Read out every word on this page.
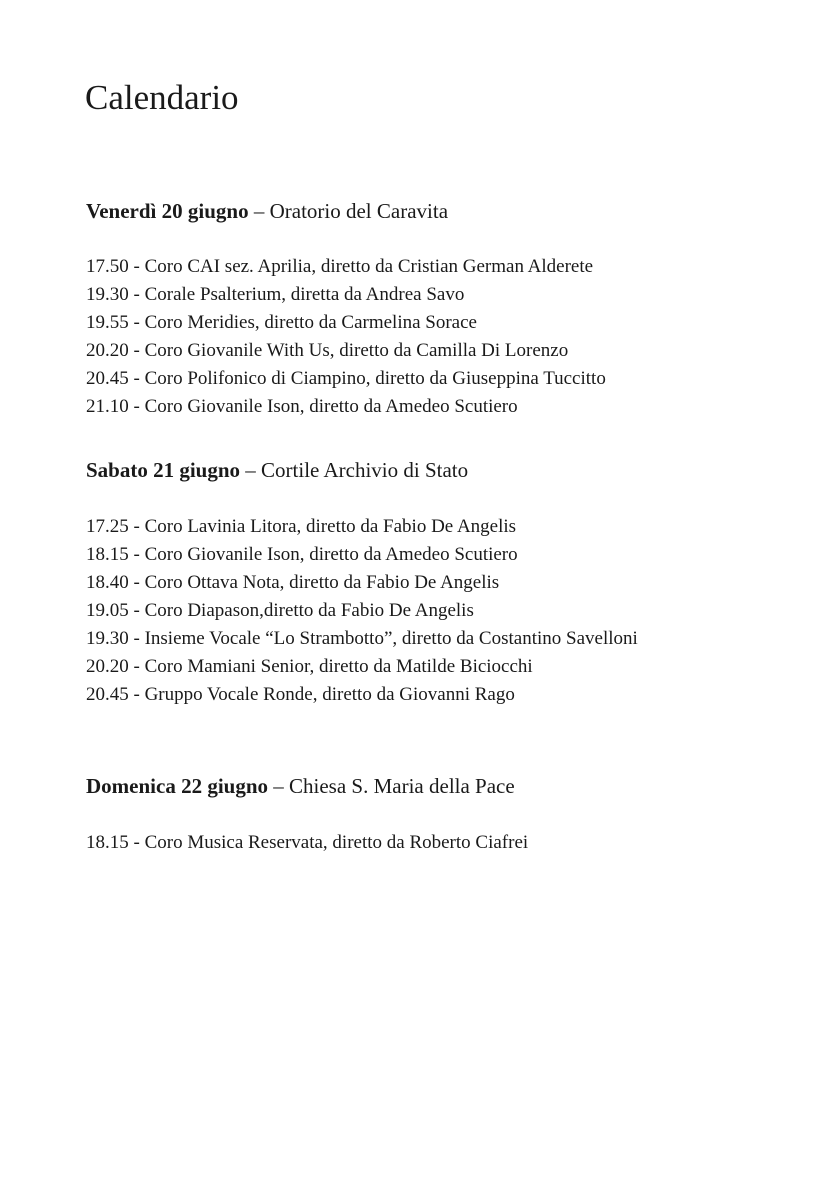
Calendario

Venerdì 20 giugno – Oratorio del Caravita

17.50 - Coro CAI sez. Aprilia, diretto da Cristian German Alderete
19.30 - Corale Psalterium, diretta da Andrea Savo
19.55 - Coro Meridies, diretto da Carmelina Sorace
20.20 - Coro Giovanile With Us, diretto da Camilla Di Lorenzo
20.45 - Coro Polifonico di Ciampino, diretto da Giuseppina Tuccitto
21.10 - Coro Giovanile Ison, diretto da Amedeo Scutiero

Sabato 21 giugno – Cortile Archivio di Stato

17.25 - Coro Lavinia Litora, diretto da Fabio De Angelis
18.15 - Coro Giovanile Ison, diretto da Amedeo Scutiero
18.40 - Coro Ottava Nota, diretto da Fabio De Angelis
19.05 - Coro Diapason,diretto da Fabio De Angelis
19.30 - Insieme Vocale “Lo Strambotto”, diretto da Costantino Savelloni
20.20 - Coro Mamiani Senior, diretto da Matilde Biciocchi
20.45 - Gruppo Vocale Ronde, diretto da Giovanni Rago

Domenica 22 giugno – Chiesa S. Maria della Pace

18.15 - Coro Musica Reservata, diretto da Roberto Ciafrei
